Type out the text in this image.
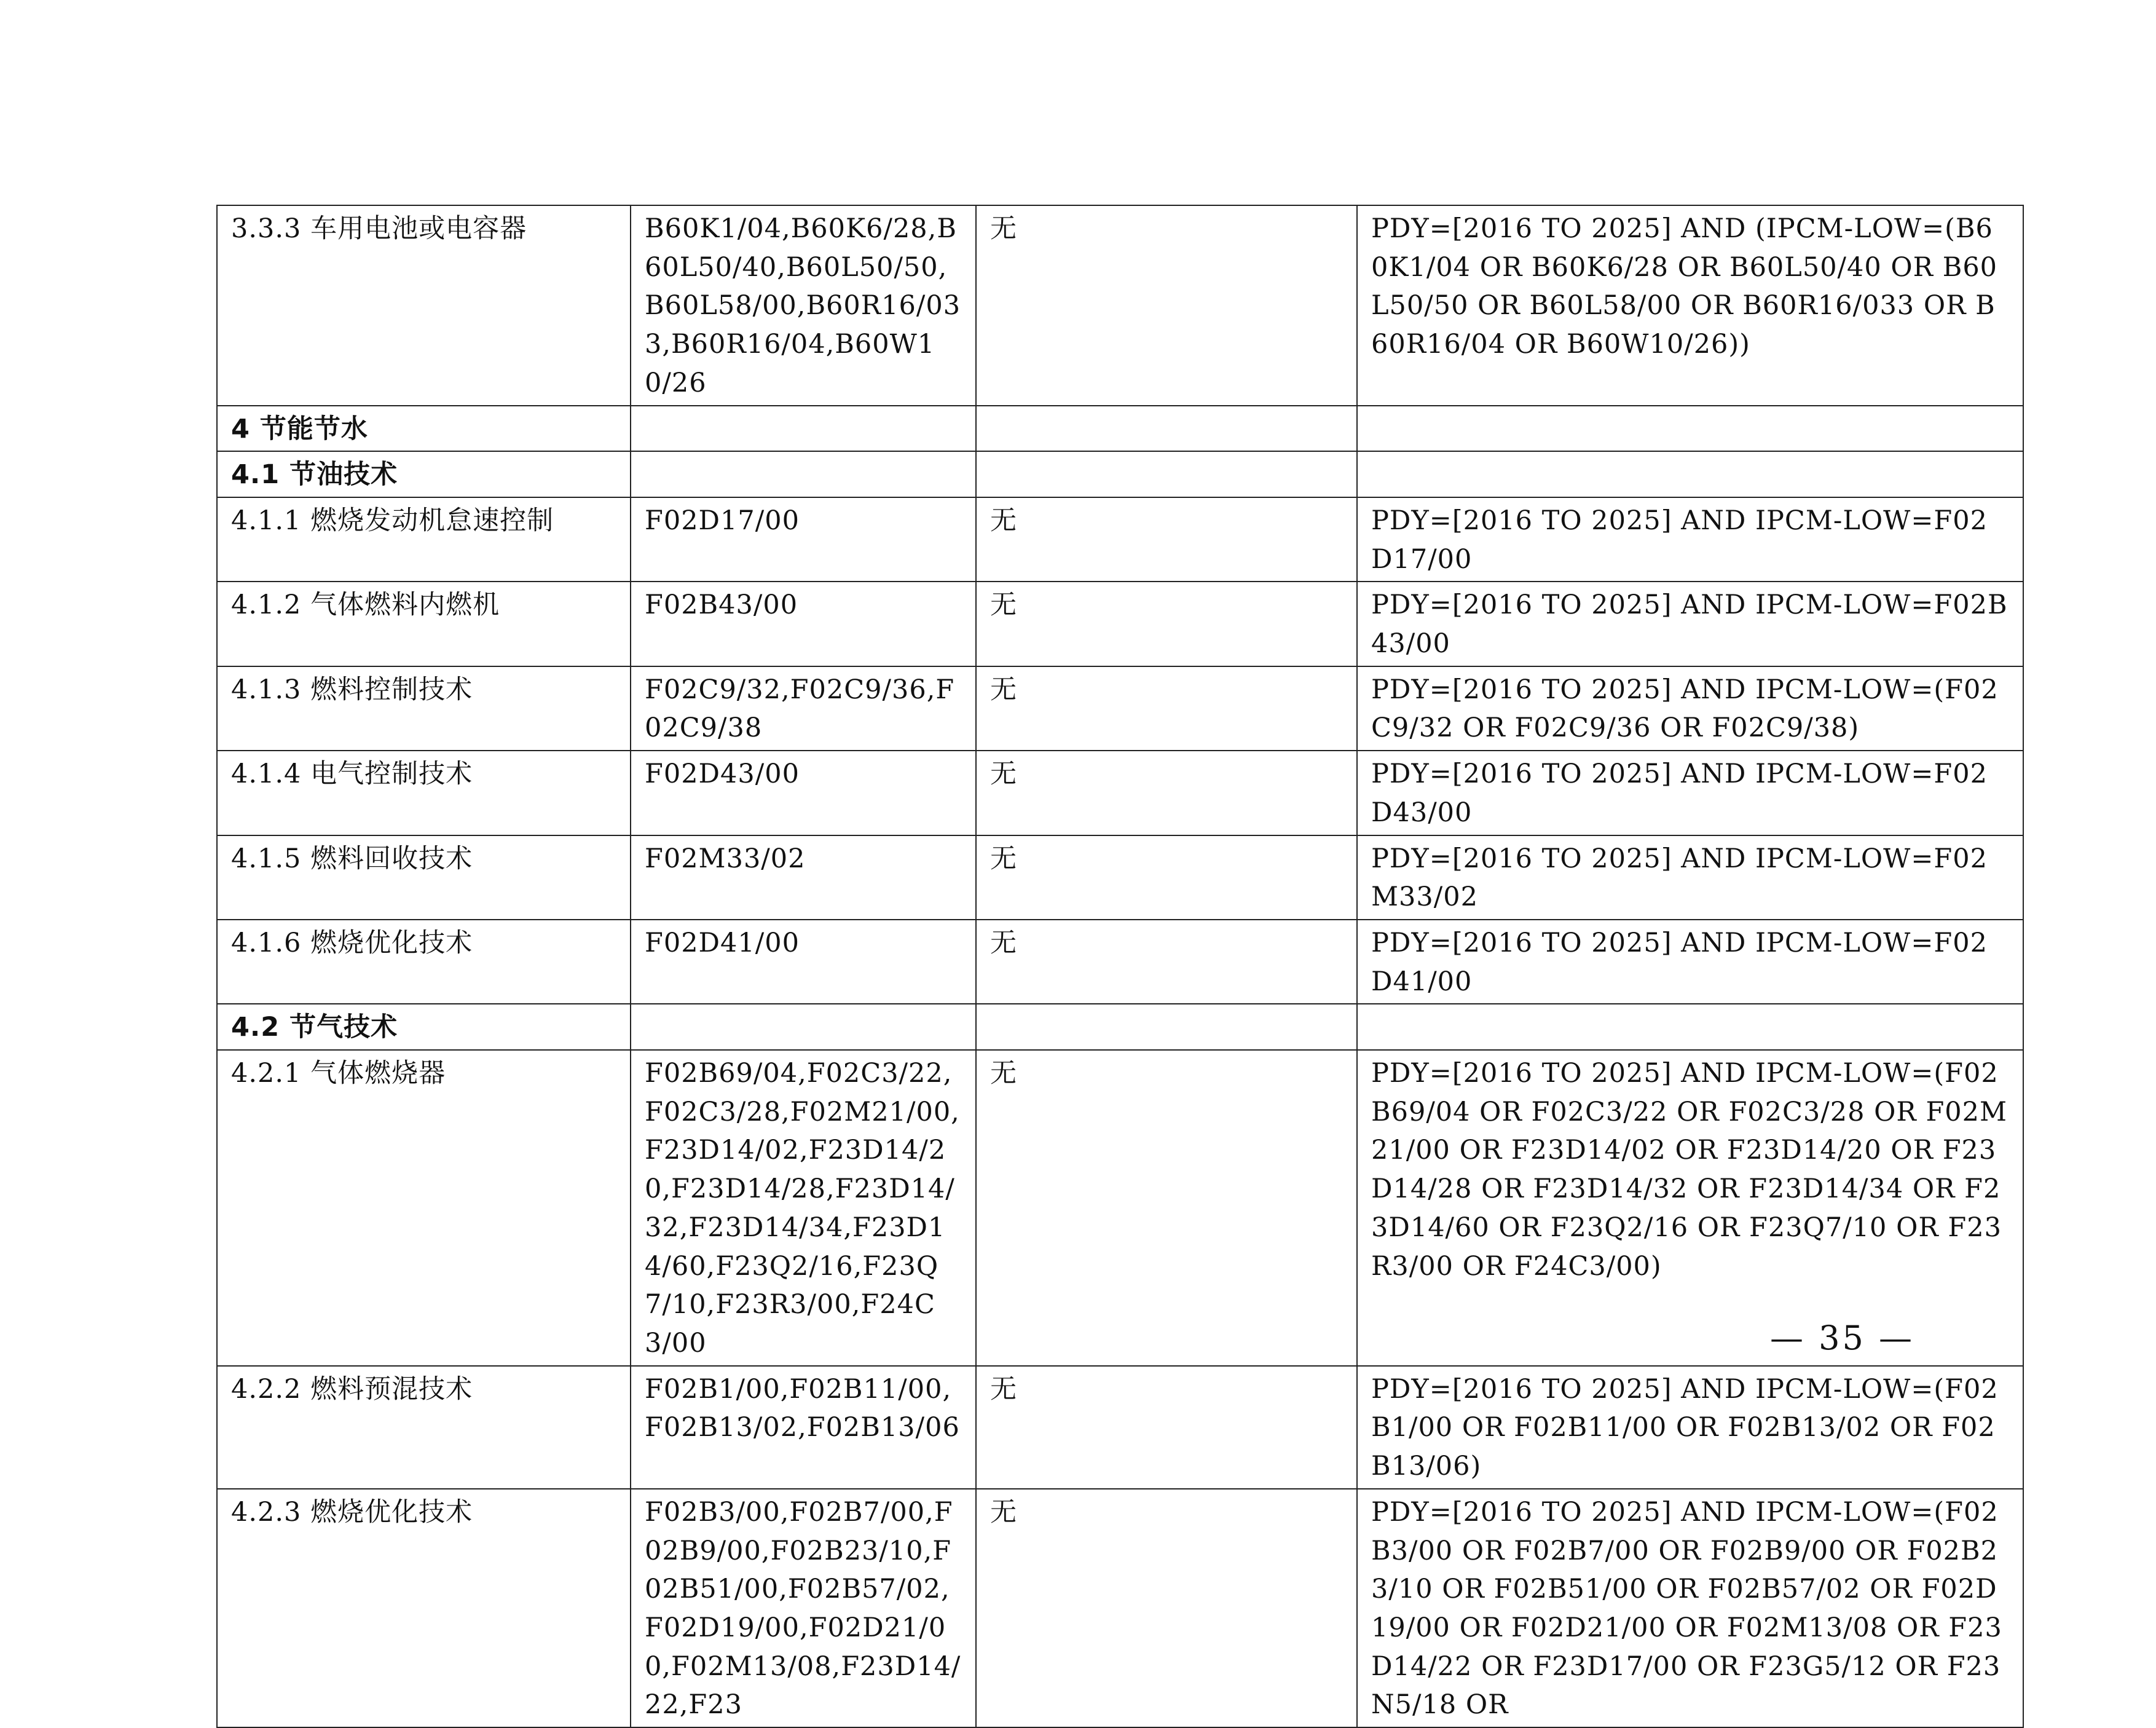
3.3.3 车用电池或电容器	B60K1/04,B60K6/28,B60L50/40,B60L50/50,B60L58/00,B60R16/033,B60R16/04,B60W10/26	无	PDY=[2016 TO 2025] AND (IPCM-LOW=(B60K1/04 OR B60K6/28 OR B60L50/40 OR B60L50/50 OR B60L58/00 OR B60R16/033 OR B60R16/04 OR B60W10/26))
4 节能节水			
4.1 节油技术			
4.1.1 燃烧发动机怠速控制	F02D17/00	无	PDY=[2016 TO 2025] AND IPCM-LOW=F02D17/00
4.1.2 气体燃料内燃机	F02B43/00	无	PDY=[2016 TO 2025] AND IPCM-LOW=F02B43/00
4.1.3 燃料控制技术	F02C9/32,F02C9/36,F02C9/38	无	PDY=[2016 TO 2025] AND IPCM-LOW=(F02C9/32 OR F02C9/36 OR F02C9/38)
4.1.4 电气控制技术	F02D43/00	无	PDY=[2016 TO 2025] AND IPCM-LOW=F02D43/00
4.1.5 燃料回收技术	F02M33/02	无	PDY=[2016 TO 2025] AND IPCM-LOW=F02M33/02
4.1.6 燃烧优化技术	F02D41/00	无	PDY=[2016 TO 2025] AND IPCM-LOW=F02D41/00
4.2 节气技术			
4.2.1 气体燃烧器	F02B69/04,F02C3/22,F02C3/28,F02M21/00,F23D14/02,F23D14/20,F23D14/28,F23D14/32,F23D14/34,F23D14/60,F23Q2/16,F23Q7/10,F23R3/00,F24C3/00	无	PDY=[2016 TO 2025] AND IPCM-LOW=(F02B69/04 OR F02C3/22 OR F02C3/28 OR F02M21/00 OR F23D14/02 OR F23D14/20 OR F23D14/28 OR F23D14/32 OR F23D14/34 OR F23D14/60 OR F23Q2/16 OR F23Q7/10 OR F23R3/00 OR F24C3/00)
4.2.2 燃料预混技术	F02B1/00,F02B11/00,F02B13/02,F02B13/06	无	PDY=[2016 TO 2025] AND IPCM-LOW=(F02B1/00 OR F02B11/00 OR F02B13/02 OR F02B13/06)
4.2.3 燃烧优化技术	F02B3/00,F02B7/00,F02B9/00,F02B23/10,F02B51/00,F02B57/02,F02D19/00,F02D21/00,F02M13/08,F23D14/22,F23	无	PDY=[2016 TO 2025] AND IPCM-LOW=(F02B3/00 OR F02B7/00 OR F02B9/00 OR F02B23/10 OR F02B51/00 OR F02B57/02 OR F02D19/00 OR F02D21/00 OR F02M13/08 OR F23D14/22 OR F23D17/00 OR F23G5/12 OR F23N5/18 OR
— 35 —
